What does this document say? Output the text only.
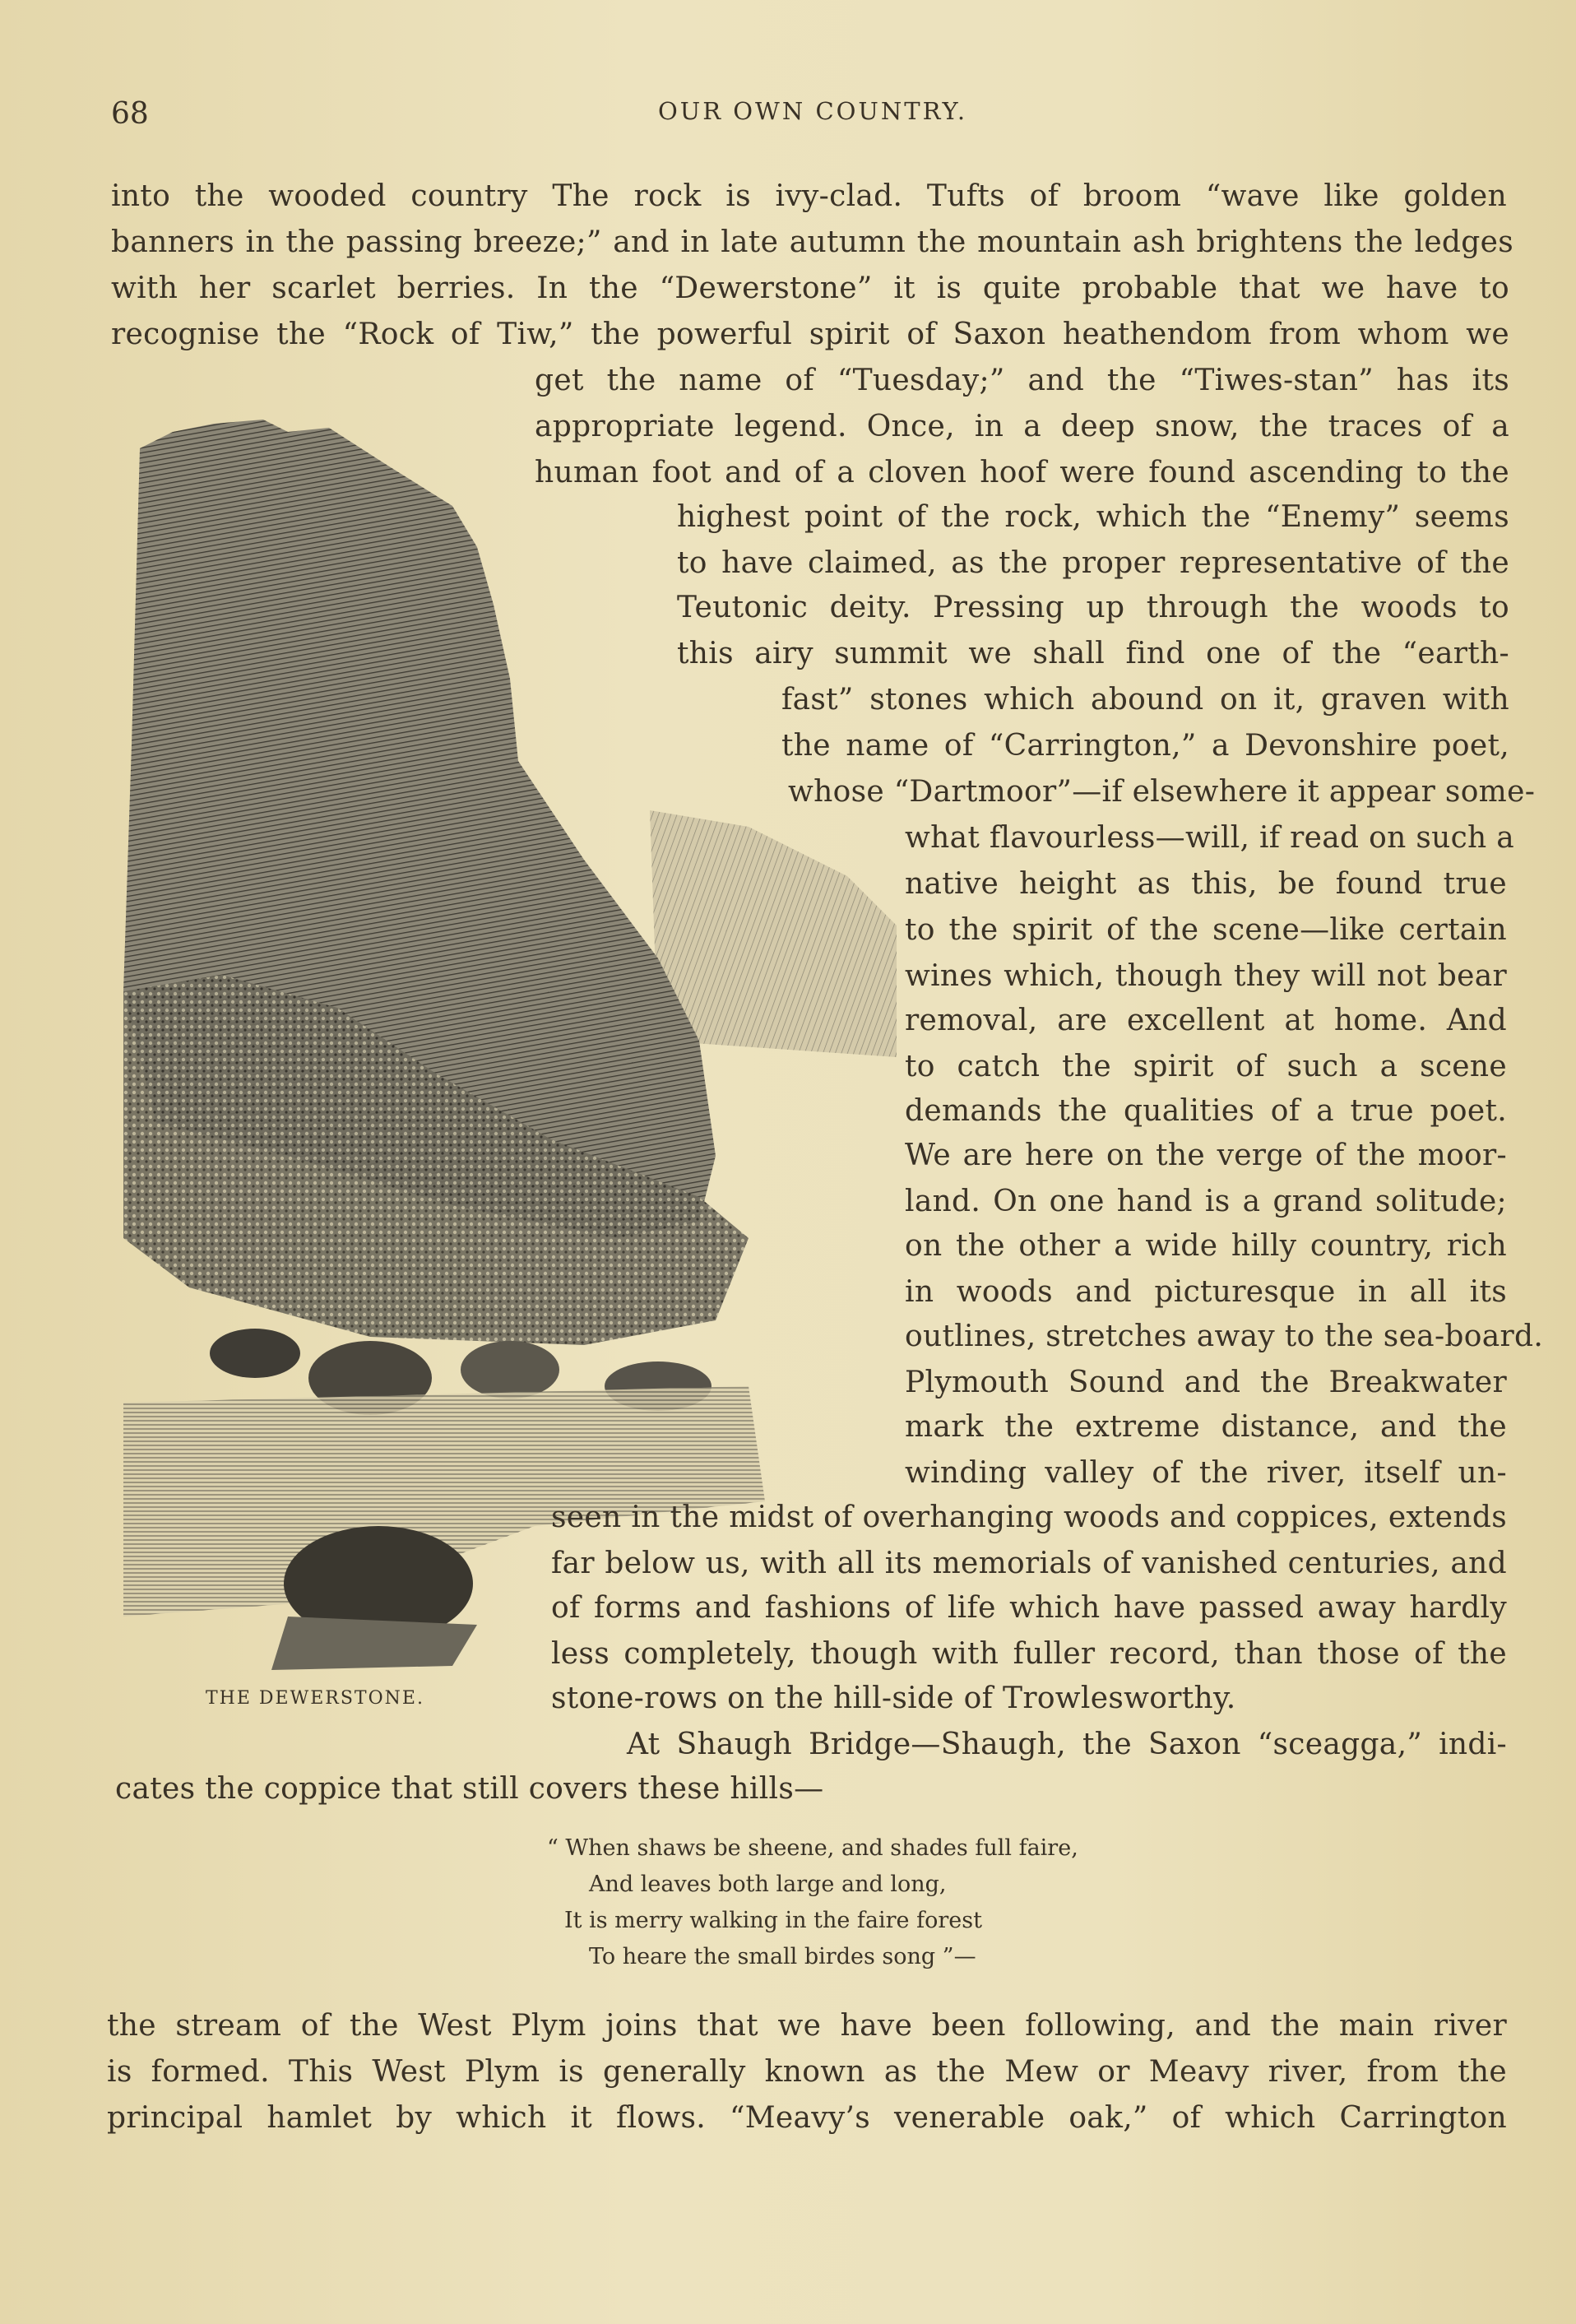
68	OUR OWN COUNTRY.
THE DEWERSTONE.
into the wooded country The rock is ivy-clad. Tufts of broom “wave like golden
banners in the passing breeze;” and in late autumn the mountain ash brightens the ledges
with her scarlet berries. In the “Dewerstone” it is quite probable that we have to
recognise the “Rock of Tiw,” the powerful spirit of Saxon heathendom from whom we
get the name of “Tuesday;” and the “Tiwes-stan” has its
appropriate legend. Once, in a deep snow, the traces of a
human foot and of a cloven hoof were found ascending to the
highest point of the rock, which the “Enemy” seems
to have claimed, as the proper representative of the
Teutonic deity. Pressing up through the woods to
this airy summit we shall find one of the “earth-
fast” stones which abound on it, graven with
the name of “Carrington,” a Devonshire poet,
whose “Dartmoor”—if elsewhere it appear some-
what flavourless—will, if read on such a
native height as this, be found true
to the spirit of the scene—like certain
wines which, though they will not bear
removal, are excellent at home. And
to catch the spirit of such a scene
demands the qualities of a true poet.
We are here on the verge of the moor-
land. On one hand is a grand solitude;
on the other a wide hilly country, rich
in woods and picturesque in all its
outlines, stretches away to the sea-board.
Plymouth Sound and the Breakwater
mark the extreme distance, and the
winding valley of the river, itself un-
seen in the midst of overhanging woods and coppices, extends
far below us, with all its memorials of vanished centuries, and
of forms and fashions of life which have passed away hardly
less completely, though with fuller record, than those of the
stone-rows on the hill-side of Trowlesworthy.
At Shaugh Bridge—Shaugh, the Saxon “sceagga,” indi-
cates the coppice that still covers these hills—
“ When shaws be sheene, and shades full faire,
And leaves both large and long,
It is merry walking in the faire forest
To heare the small birdes song ”—
the stream of the West Plym joins that we have been following, and the main river
is formed. This West Plym is generally known as the Mew or Meavy river, from the
principal hamlet by which it flows. “Meavy’s venerable oak,” of which Carrington
